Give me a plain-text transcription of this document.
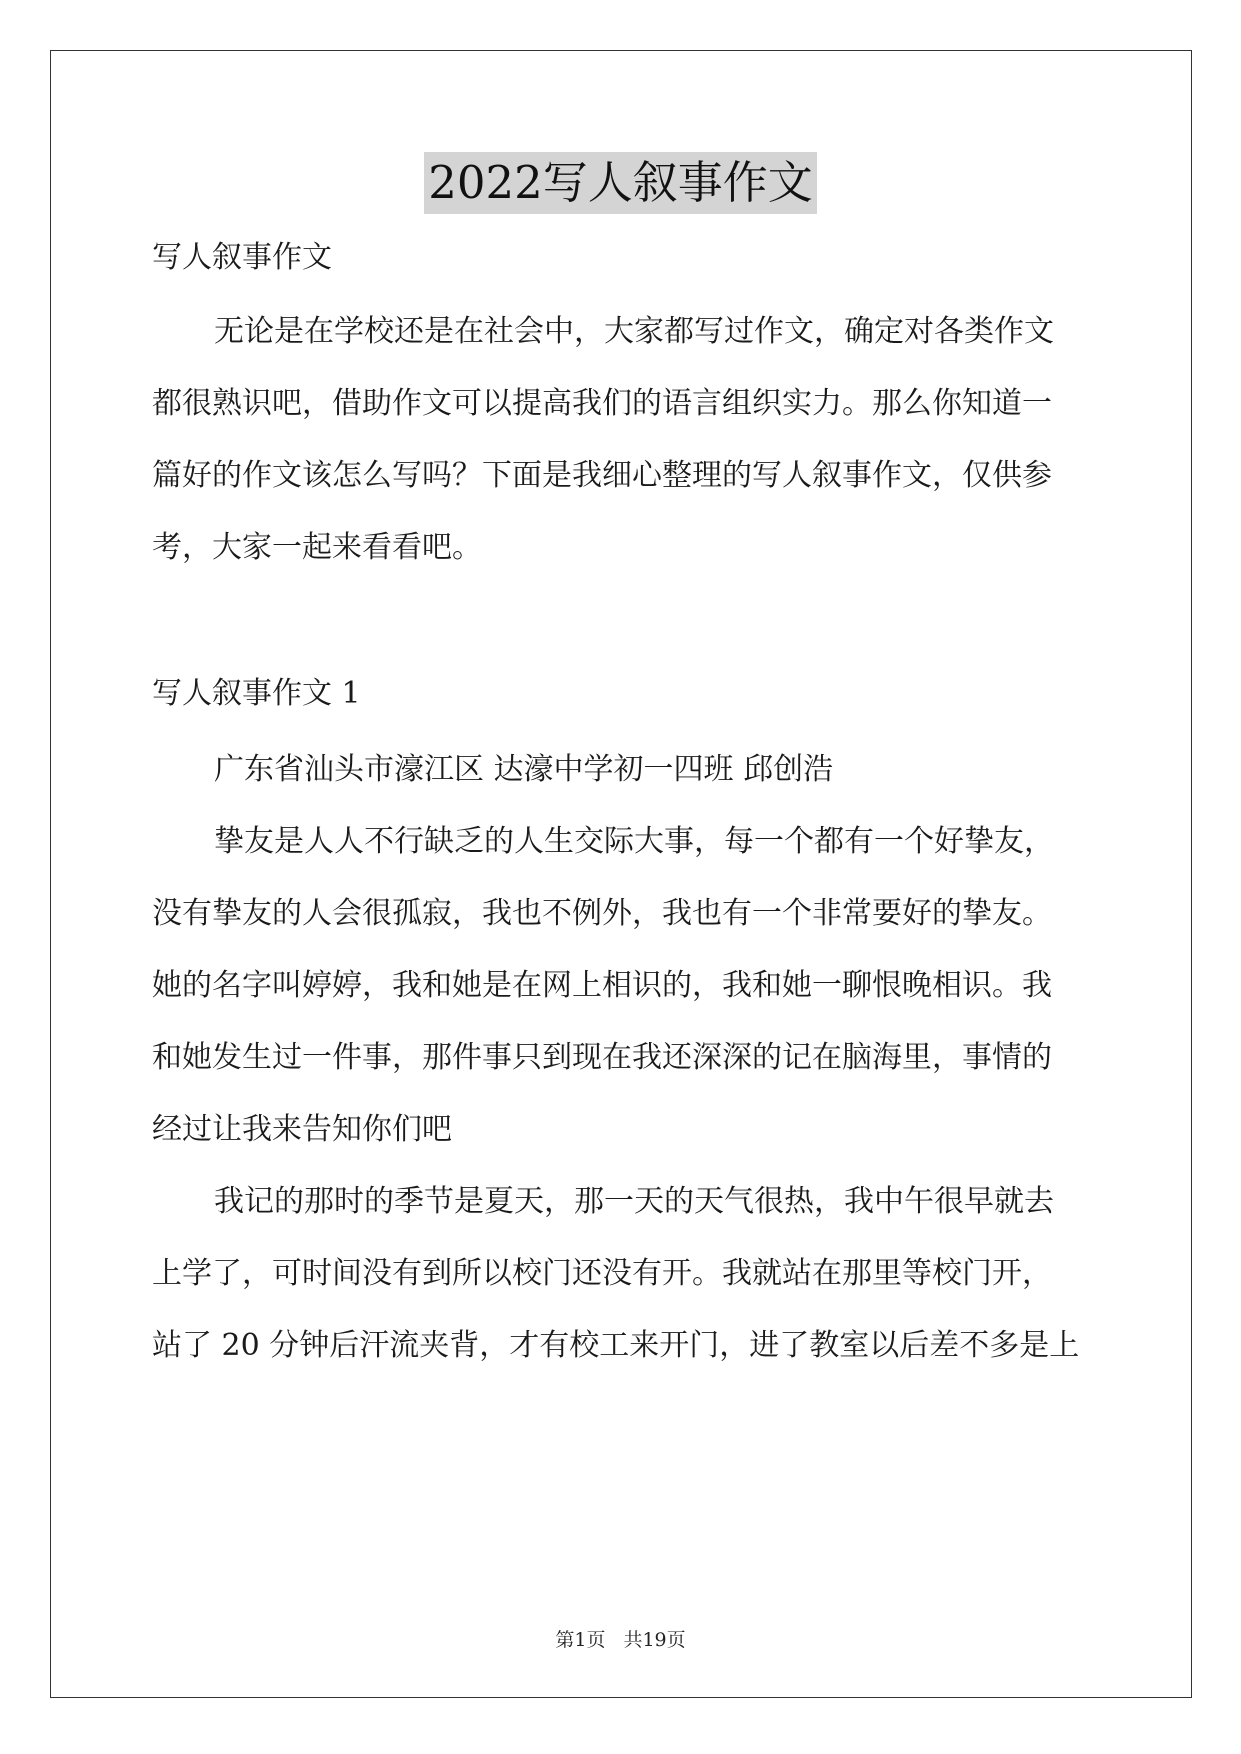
2022写人叙事作文
写人叙事作文
无论是在学校还是在社会中，大家都写过作文，确定对各类作文
都很熟识吧，借助作文可以提高我们的语言组织实力。那么你知道一
篇好的作文该怎么写吗？下面是我细心整理的写人叙事作文，仅供参
考，大家一起来看看吧。
写人叙事作文 1
广东省汕头市濠江区 达濠中学初一四班 邱创浩
挚友是人人不行缺乏的人生交际大事，每一个都有一个好挚友，
没有挚友的人会很孤寂，我也不例外，我也有一个非常要好的挚友。
她的名字叫婷婷，我和她是在网上相识的，我和她一聊恨晚相识。我
和她发生过一件事，那件事只到现在我还深深的记在脑海里，事情的
经过让我来告知你们吧
我记的那时的季节是夏天，那一天的天气很热，我中午很早就去
上学了，可时间没有到所以校门还没有开。我就站在那里等校门开，
站了 20 分钟后汗流夹背，才有校工来开门，进了教室以后差不多是上
第1页 共19页
